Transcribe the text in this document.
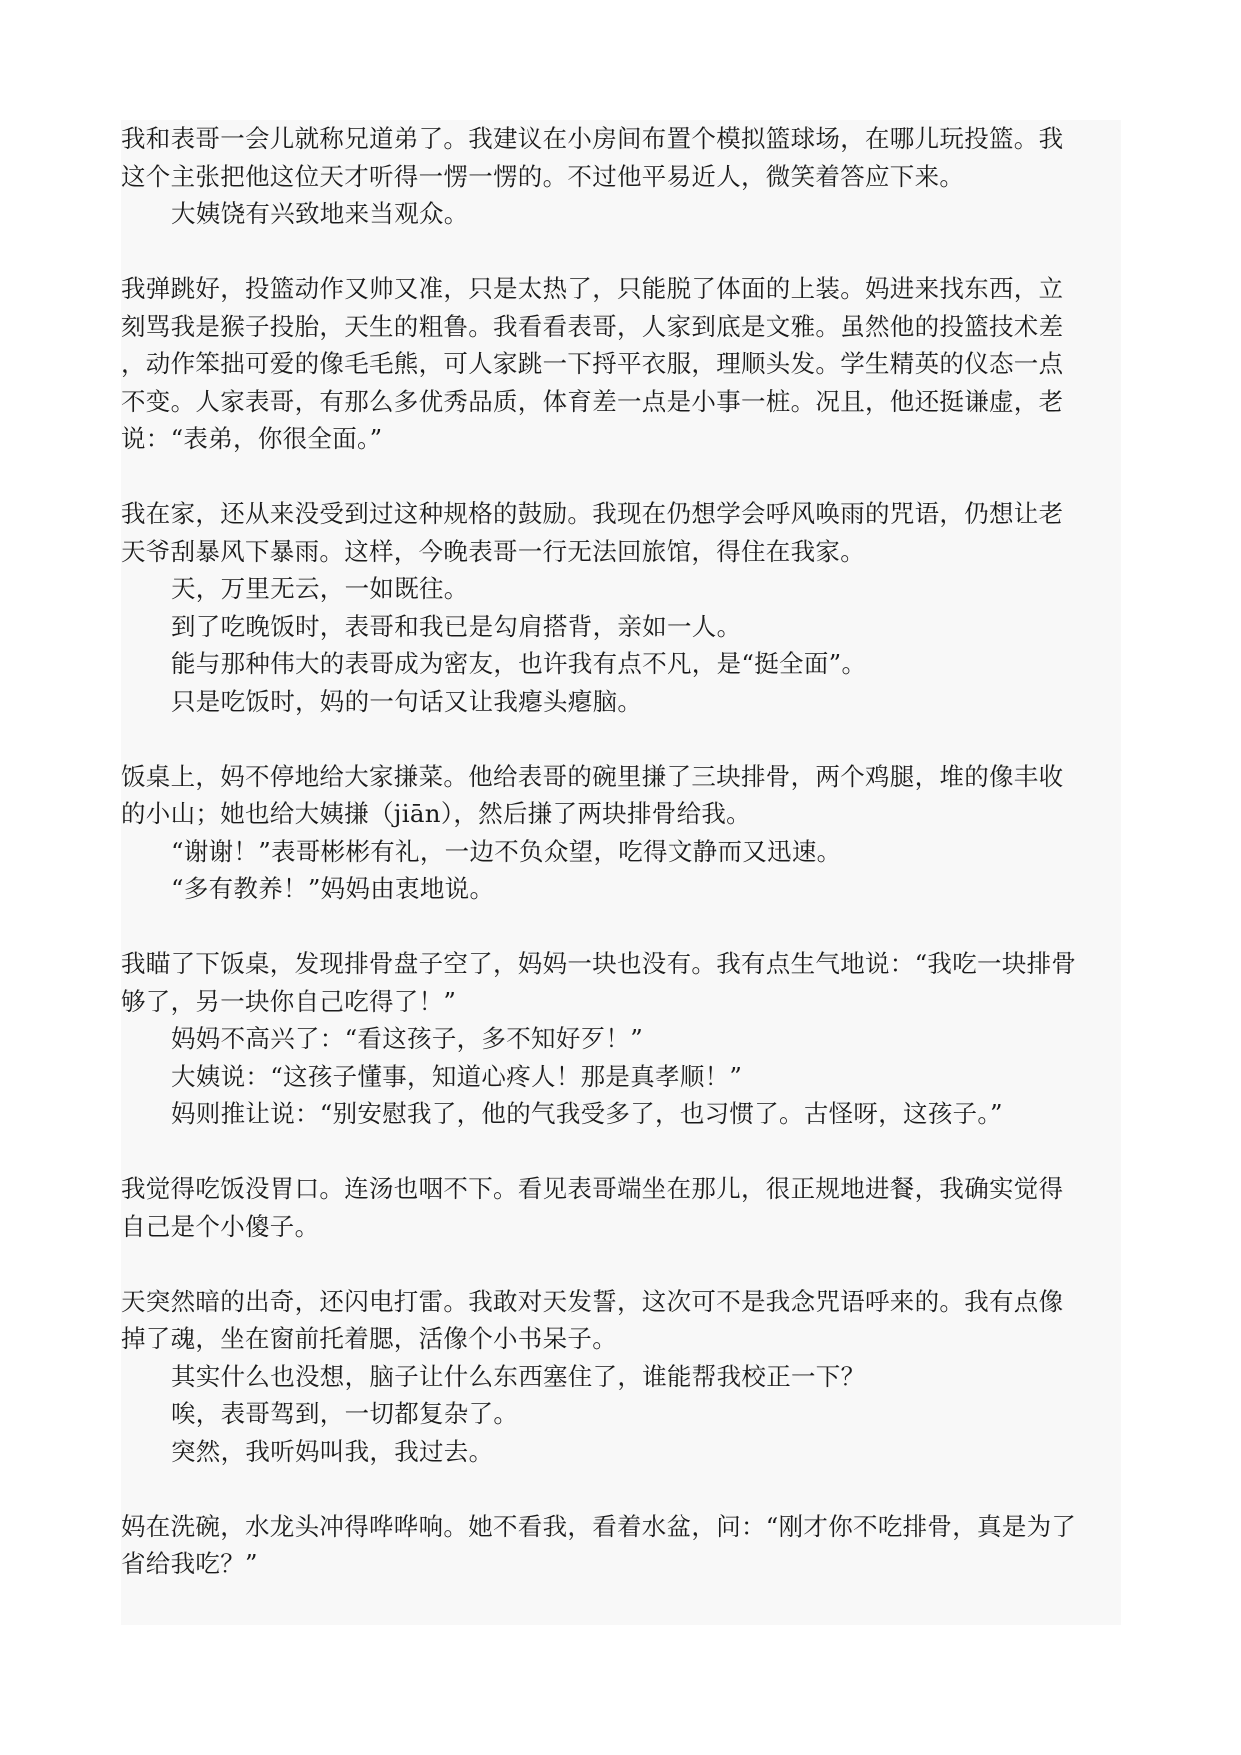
我和表哥一会儿就称兄道弟了。我建议在小房间布置个模拟篮球场，在哪儿玩投篮。我
这个主张把他这位天才听得一愣一愣的。不过他平易近人，微笑着答应下来。
大姨饶有兴致地来当观众。
我弹跳好，投篮动作又帅又准，只是太热了，只能脱了体面的上装。妈进来找东西，立
刻骂我是猴子投胎，天生的粗鲁。我看看表哥，人家到底是文雅。虽然他的投篮技术差
，动作笨拙可爱的像毛毛熊，可人家跳一下捋平衣服，理顺头发。学生精英的仪态一点
不变。人家表哥，有那么多优秀品质，体育差一点是小事一桩。况且，他还挺谦虚，老
说：“表弟，你很全面。”
我在家，还从来没受到过这种规格的鼓励。我现在仍想学会呼风唤雨的咒语，仍想让老
天爷刮暴风下暴雨。这样，今晚表哥一行无法回旅馆，得住在我家。
天，万里无云，一如既往。
到了吃晚饭时，表哥和我已是勾肩搭背，亲如一人。
能与那种伟大的表哥成为密友，也许我有点不凡，是“挺全面”。
只是吃饭时，妈的一句话又让我瘪头瘪脑。
饭桌上，妈不停地给大家搛菜。他给表哥的碗里搛了三块排骨，两个鸡腿，堆的像丰收
的小山；她也给大姨搛（jiān），然后搛了两块排骨给我。
“谢谢！”表哥彬彬有礼，一边不负众望，吃得文静而又迅速。
“多有教养！”妈妈由衷地说。
我瞄了下饭桌，发现排骨盘子空了，妈妈一块也没有。我有点生气地说：“我吃一块排骨
够了，另一块你自己吃得了！”
妈妈不高兴了：“看这孩子，多不知好歹！”
大姨说：“这孩子懂事，知道心疼人！那是真孝顺！”
妈则推让说：“别安慰我了，他的气我受多了，也习惯了。古怪呀，这孩子。”
我觉得吃饭没胃口。连汤也咽不下。看见表哥端坐在那儿，很正规地进餐，我确实觉得
自己是个小傻子。
天突然暗的出奇，还闪电打雷。我敢对天发誓，这次可不是我念咒语呼来的。我有点像
掉了魂，坐在窗前托着腮，活像个小书呆子。
其实什么也没想，脑子让什么东西塞住了，谁能帮我校正一下？
唉，表哥驾到，一切都复杂了。
突然，我听妈叫我，我过去。
妈在洗碗，水龙头冲得哗哗响。她不看我，看着水盆，问：“刚才你不吃排骨，真是为了
省给我吃？”
